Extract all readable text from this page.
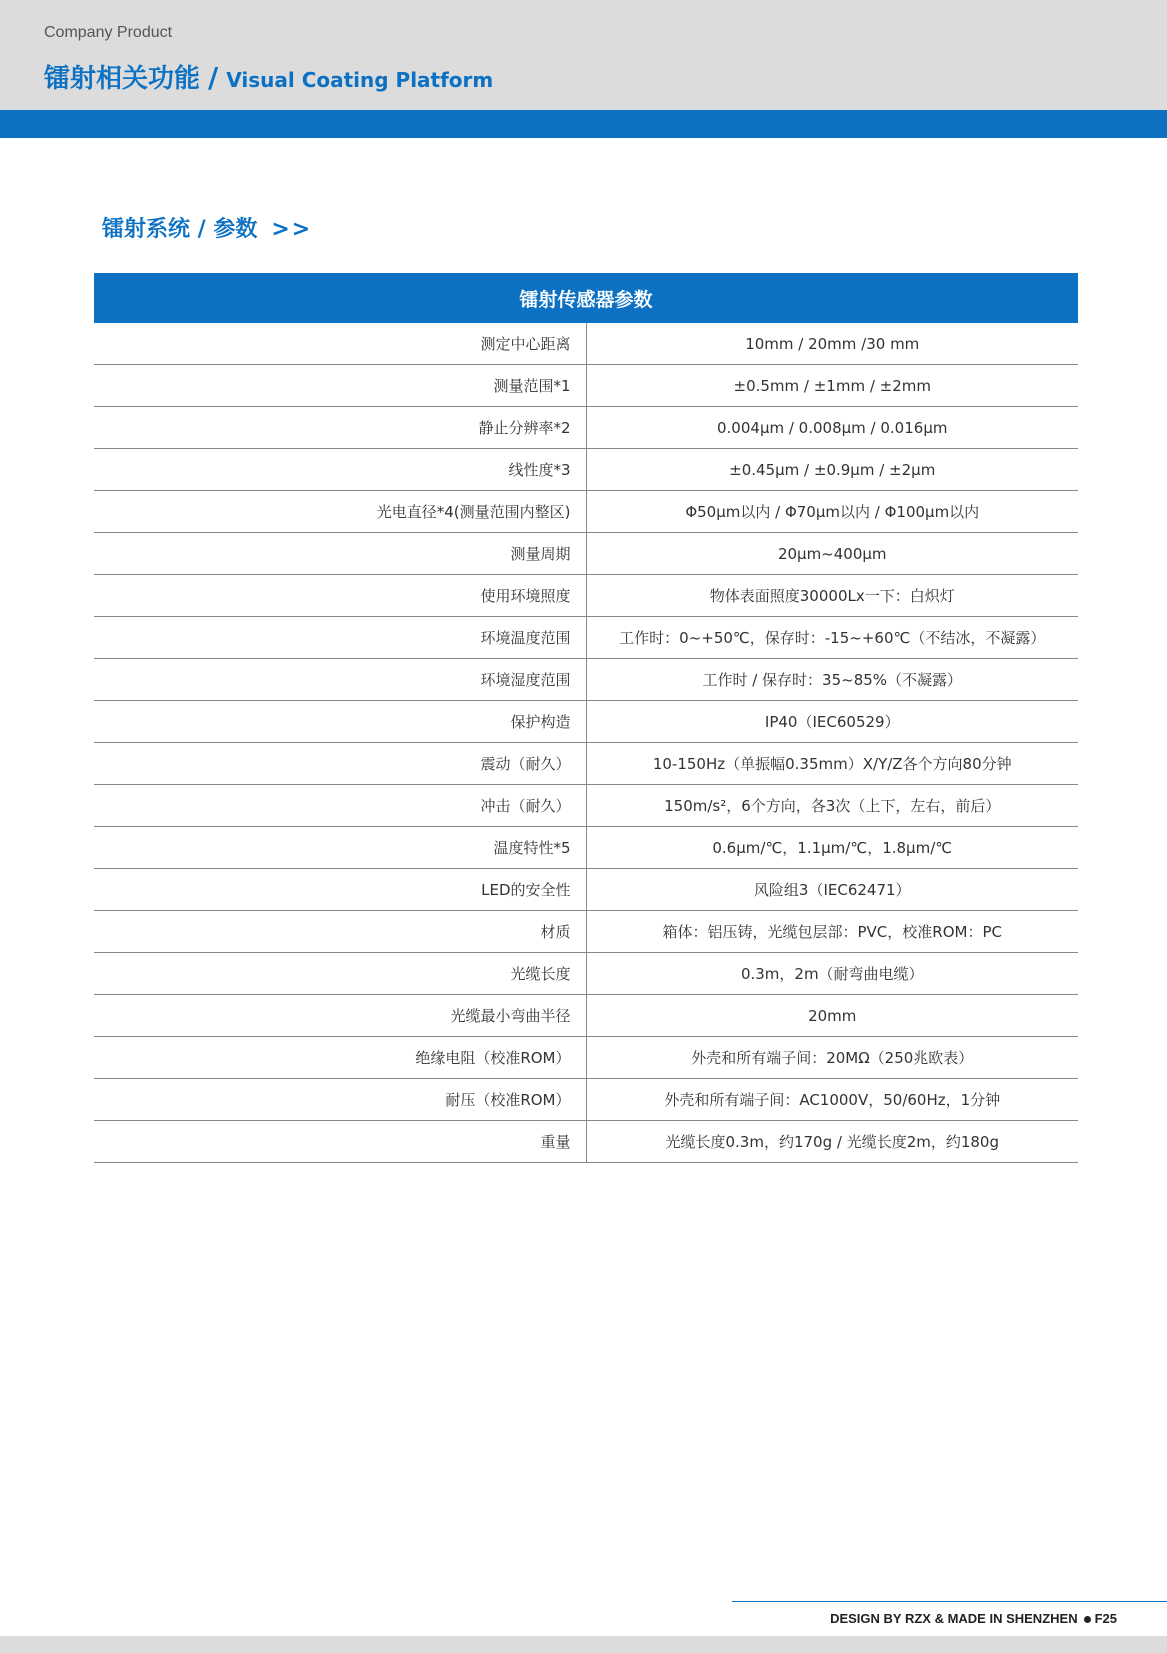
Company Product
镭射相关功能 / Visual Coating Platform
镭射系统 / 参数 >>
镭射传感器参数	
测定中心距离	10mm / 20mm /30 mm
测量范围*1	±0.5mm / ±1mm / ±2mm
静止分辨率*2	0.004μm / 0.008μm / 0.016μm
线性度*3	±0.45μm / ±0.9μm / ±2μm
光电直径*4(测量范围内整区)	Φ50μm以内 / Φ70μm以内 / Φ100μm以内
测量周期	20μm~400μm
使用环境照度	物体表面照度30000Lx一下：白炽灯
环境温度范围	工作时：0~+50℃，保存时：-15~+60℃（不结冰，不凝露）
环境湿度范围	工作时 / 保存时：35~85%（不凝露）
保护构造	IP40（IEC60529）
震动（耐久）	10-150Hz（单振幅0.35mm）X/Y/Z各个方向80分钟
冲击（耐久）	150m/s²，6个方向，各3次（上下，左右，前后）
温度特性*5	0.6μm/℃，1.1μm/℃，1.8μm/℃
LED的安全性	风险组3（IEC62471）
材质	箱体：铝压铸，光缆包层部：PVC，校准ROM：PC
光缆长度	0.3m，2m（耐弯曲电缆）
光缆最小弯曲半径	20mm
绝缘电阻（校准ROM）	外壳和所有端子间：20MΩ（250兆欧表）
耐压（校准ROM）	外壳和所有端子间：AC1000V，50/60Hz，1分钟
重量	光缆长度0.3m，约170g / 光缆长度2m，约180g
DESIGN BY RZX & MADE IN SHENZHEN F25
